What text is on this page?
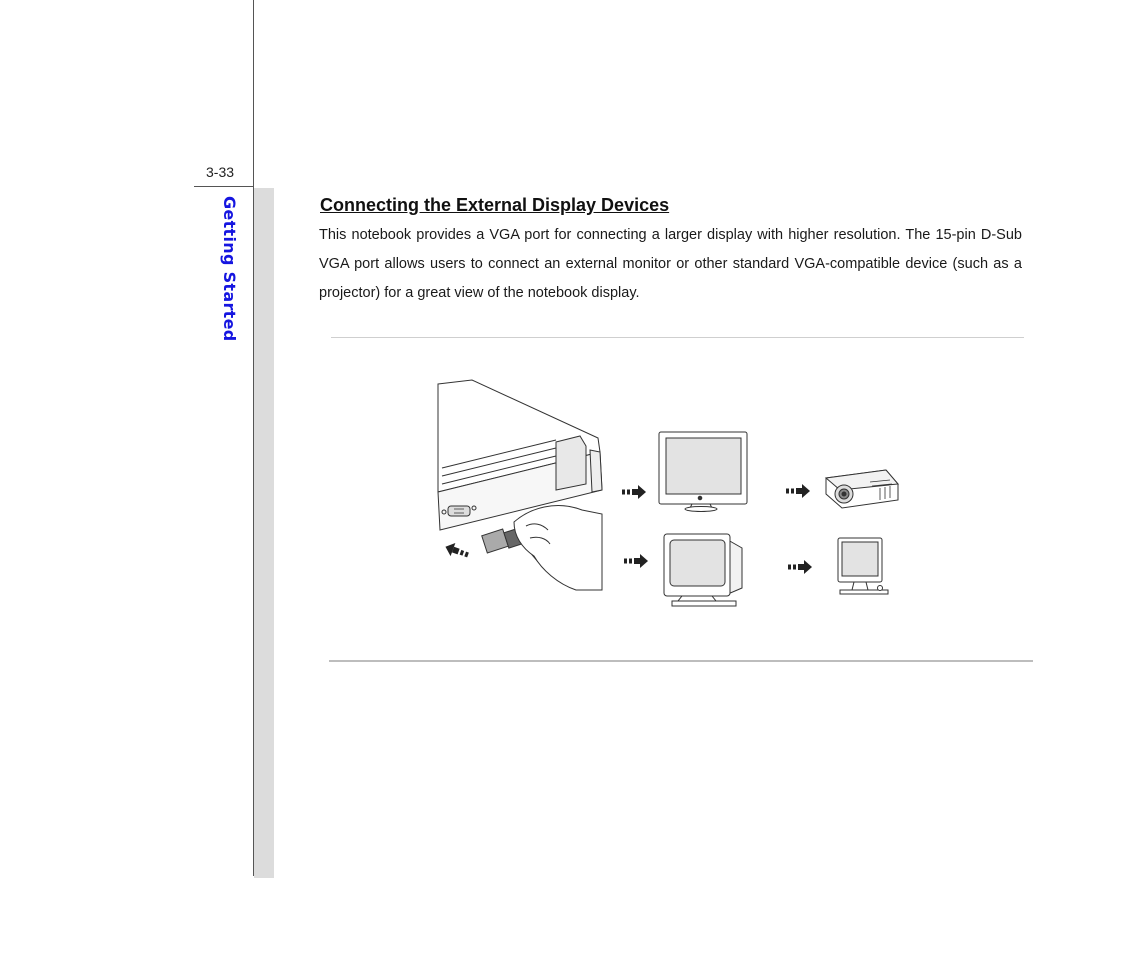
3-33
Getting Started	Connecting the External Display Devices

This notebook provides a VGA port for connecting a larger display with higher resolution. The 15-pin D-Sub VGA port allows users to connect an external monitor or other standard VGA-compatible device (such as a projector) for a great view of the notebook display.
